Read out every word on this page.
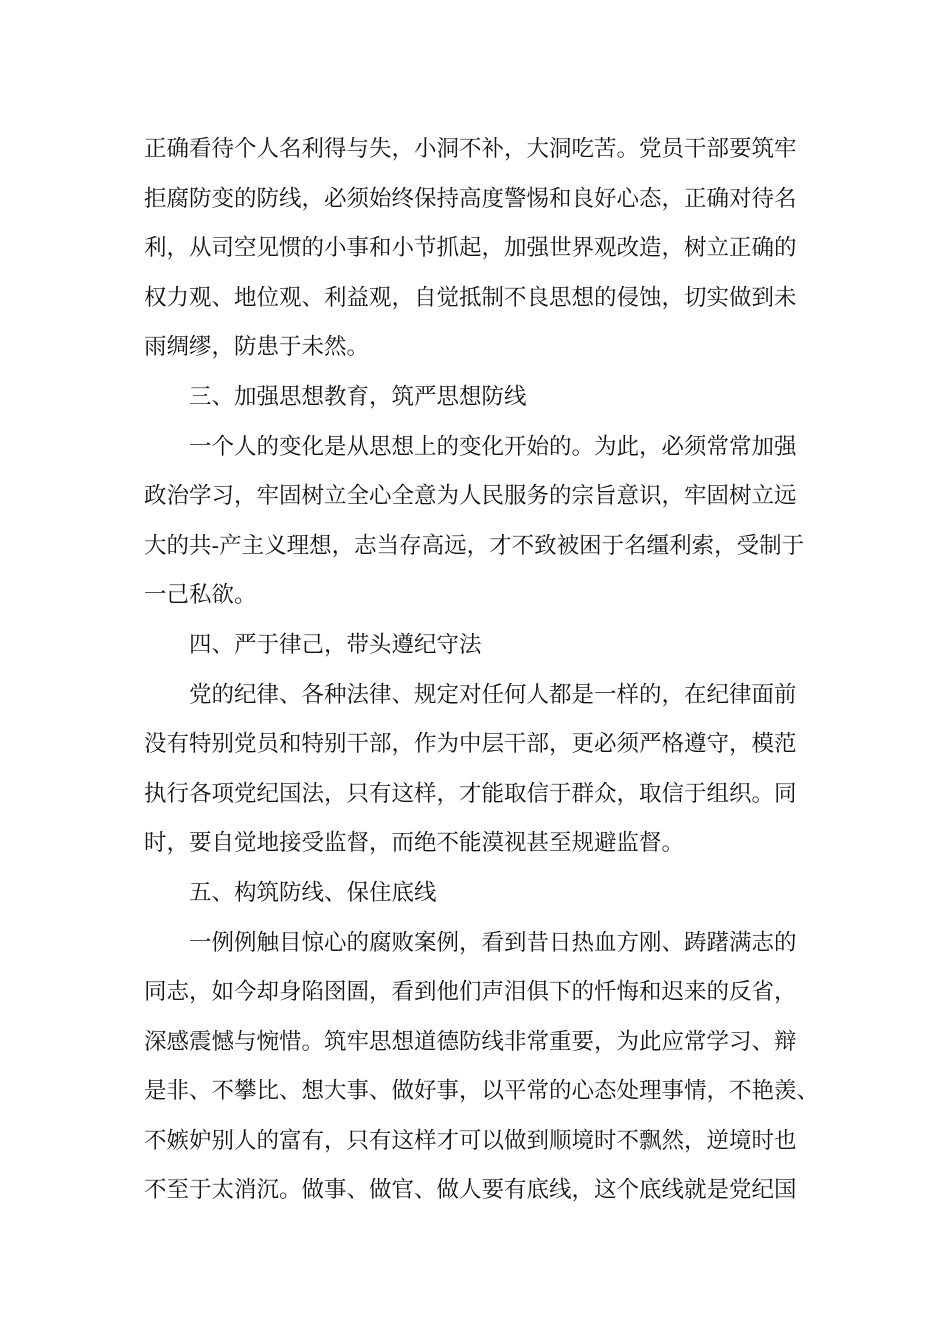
正确看待个人名利得与失，小洞不补，大洞吃苦。党员干部要筑牢
拒腐防变的防线，必须始终保持高度警惕和良好心态，正确对待名
利，从司空见惯的小事和小节抓起，加强世界观改造，树立正确的
权力观、地位观、利益观，自觉抵制不良思想的侵蚀，切实做到未
雨绸缪，防患于未然。
三、加强思想教育，筑严思想防线
一个人的变化是从思想上的变化开始的。为此，必须常常加强
政治学习，牢固树立全心全意为人民服务的宗旨意识，牢固树立远
大的共-产主义理想，志当存高远，才不致被困于名缰利索，受制于
一己私欲。
四、严于律己，带头遵纪守法
党的纪律、各种法律、规定对任何人都是一样的，在纪律面前
没有特别党员和特别干部，作为中层干部，更必须严格遵守，模范
执行各项党纪国法，只有这样，才能取信于群众，取信于组织。同
时，要自觉地接受监督，而绝不能漠视甚至规避监督。
五、构筑防线、保住底线
一例例触目惊心的腐败案例，看到昔日热血方刚、踌躇满志的
同志，如今却身陷囹圄，看到他们声泪俱下的忏悔和迟来的反省，
深感震憾与惋惜。筑牢思想道德防线非常重要，为此应常学习、辩
是非、不攀比、想大事、做好事，以平常的心态处理事情，不艳羡、
不嫉妒别人的富有，只有这样才可以做到顺境时不飘然，逆境时也
不至于太消沉。做事、做官、做人要有底线，这个底线就是党纪国
